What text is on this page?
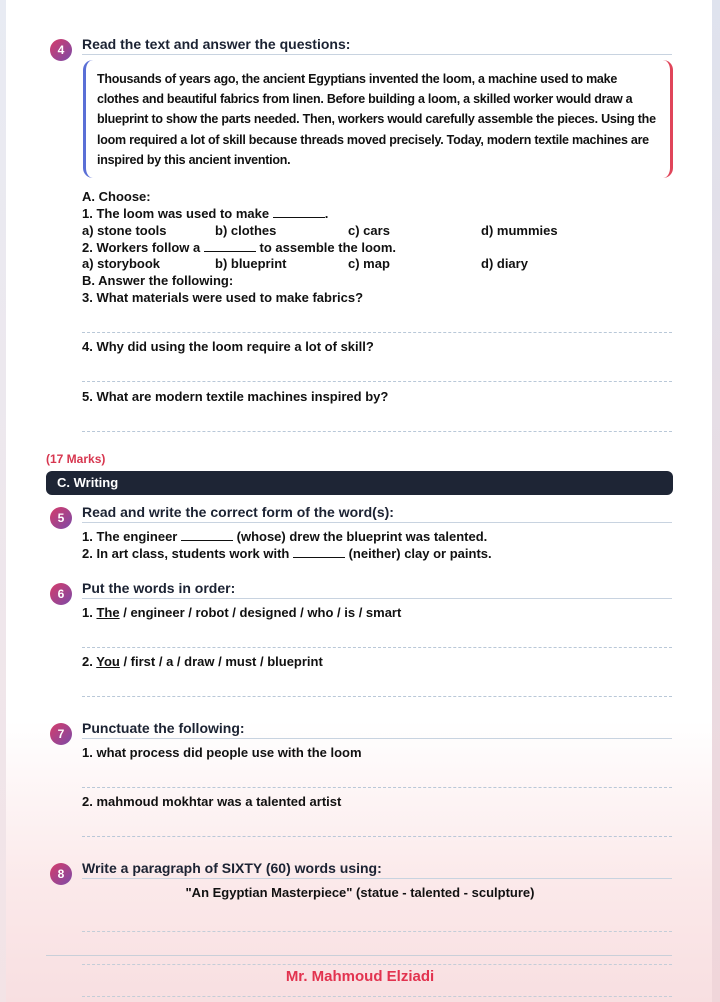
4	Read the text and answer the questions:
Thousands of years ago, the ancient Egyptians invented the loom, a machine used to make clothes and beautiful fabrics from linen. Before building a loom, a skilled worker would draw a blueprint to show the parts needed. Then, workers would carefully assemble the pieces. Using the loom required a lot of skill because threads moved precisely. Today, modern textile machines are inspired by this ancient invention.
A. Choose:
1. The loom was used to make	.
a) stone tools	b) clothes	c) cars	d) mummies
2. Workers follow a	to assemble the loom.
a) storybook	b) blueprint	c) map	d) diary
B. Answer the following:
3. What materials were used to make fabrics?
4. Why did using the loom require a lot of skill?
5. What are modern textile machines inspired by?
(17 Marks)
C. Writing
5	Read and write the correct form of the word(s):
1. The engineer	(whose) drew the blueprint was talented.
2. In art class, students work with	(neither) clay or paints.
6	Put the words in order:
1. The / engineer / robot / designed / who / is / smart
2. You / first / a / draw / must / blueprint
7	Punctuate the following:
1. what process did people use with the loom
2. mahmoud mokhtar was a talented artist
8	Write a paragraph of SIXTY (60) words using:
"An Egyptian Masterpiece" (statue - talented - sculpture)
Mr. Mahmoud Elziadi
